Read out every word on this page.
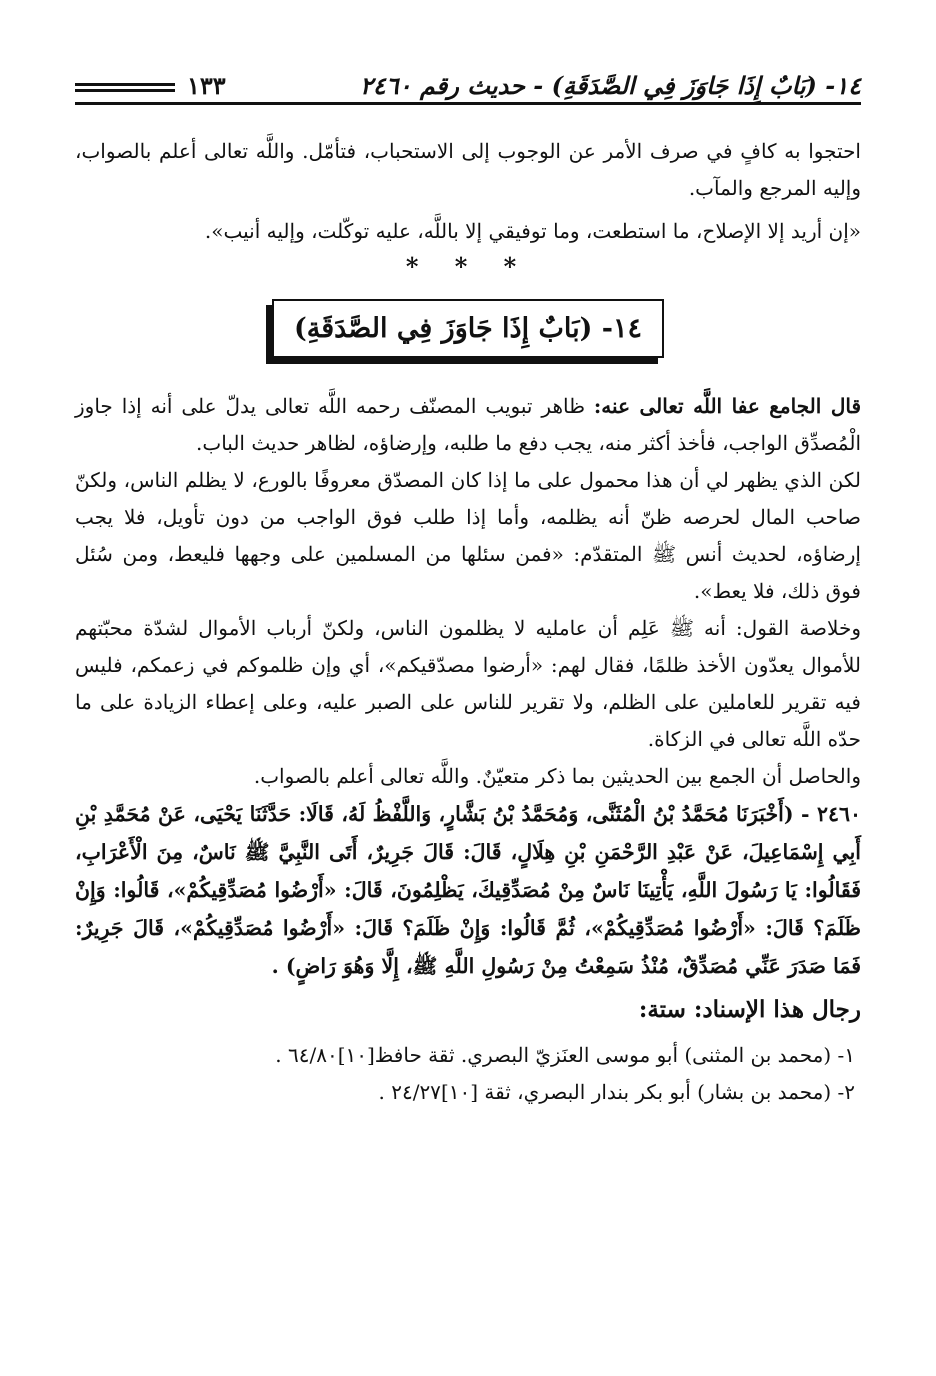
١٤- (بَابٌ إِذَا جَاوَزَ فِي الصَّدَقَةِ) - حديث رقم ٢٤٦٠
١٣٣

احتجوا به كافٍ في صرف الأمر عن الوجوب إلى الاستحباب، فتأمّل. واللَّه تعالى أعلم بالصواب، وإليه المرجع والمآب.

«إن أريد إلا الإصلاح، ما استطعت، وما توفيقي إلا باللَّه، عليه توكّلت، وإليه أنيب».

* * *
١٤- (بَابٌ إِذَا جَاوَزَ فِي الصَّدَقَةِ)

قال الجامع عفا اللَّه تعالى عنه: ظاهر تبويب المصنّف رحمه اللَّه تعالى يدلّ على أنه إذا جاوز الْمُصدِّق الواجب، فأخذ أكثر منه، يجب دفع ما طلبه، وإرضاؤه، لظاهر حديث الباب.

لكن الذي يظهر لي أن هذا محمول على ما إذا كان المصدّق معروفًا بالورع، لا يظلم الناس، ولكنّ صاحب المال لحرصه ظنّ أنه يظلمه، وأما إذا طلب فوق الواجب من دون تأويل، فلا يجب إرضاؤه، لحديث أنس ﷺ المتقدّم: «فمن سئلها من المسلمين على وجهها فليعط، ومن سُئل فوق ذلك، فلا يعط».

وخلاصة القول: أنه ﷺ عَلِم أن عامليه لا يظلمون الناس، ولكنّ أرباب الأموال لشدّة محبّتهم للأموال يعدّون الأخذ ظلمًا، فقال لهم: «أرضوا مصدّقيكم»، أي وإن ظلموكم في زعمكم، فليس فيه تقرير للعاملين على الظلم، ولا تقرير للناس على الصبر عليه، وعلى إعطاء الزيادة على ما حدّه اللَّه تعالى في الزكاة.

والحاصل أن الجمع بين الحديثين بما ذكر متعيّنٌ. واللَّه تعالى أعلم بالصواب.

٢٤٦٠ - (أَخْبَرَنَا مُحَمَّدُ بْنُ الْمُثَنَّى، وَمُحَمَّدُ بْنُ بَشَّارٍ، وَاللَّفْظُ لَهُ، قَالَا: حَدَّثَنَا يَحْيَى، عَنْ مُحَمَّدِ بْنِ أَبِي إِسْمَاعِيلَ، عَنْ عَبْدِ الرَّحْمَنِ بْنِ هِلَالٍ، قَالَ: قَالَ جَرِيرٌ، أَتَى النَّبِيَّ ﷺ نَاسٌ، مِنَ الْأَعْرَابِ، فَقَالُوا: يَا رَسُولَ اللَّهِ، يَأْتِينَا نَاسٌ مِنْ مُصَدِّقِيكَ، يَظْلِمُونَ، قَالَ: «أَرْضُوا مُصَدِّقِيكُمْ»، قَالُوا: وَإِنْ ظَلَمَ؟ قَالَ: «أَرْضُوا مُصَدِّقِيكُمْ»، ثُمَّ قَالُوا: وَإِنْ ظَلَمَ؟ قَالَ: «أَرْضُوا مُصَدِّقِيكُمْ»، قَالَ جَرِيرٌ: فَمَا صَدَرَ عَنِّي مُصَدِّقٌ، مُنْذُ سَمِعْتُ مِنْ رَسُولِ اللَّهِ ﷺ، إِلَّا وَهُوَ رَاضٍ) .

رجال هذا الإسناد: ستة:

١- (محمد بن المثنى) أبو موسى العنَزيّ البصري. ثقة حافظ[١٠]٦٤/٨٠ .

٢- (محمد بن بشار) أبو بكر بندار البصري، ثقة [١٠]٢٤/٢٧ .
